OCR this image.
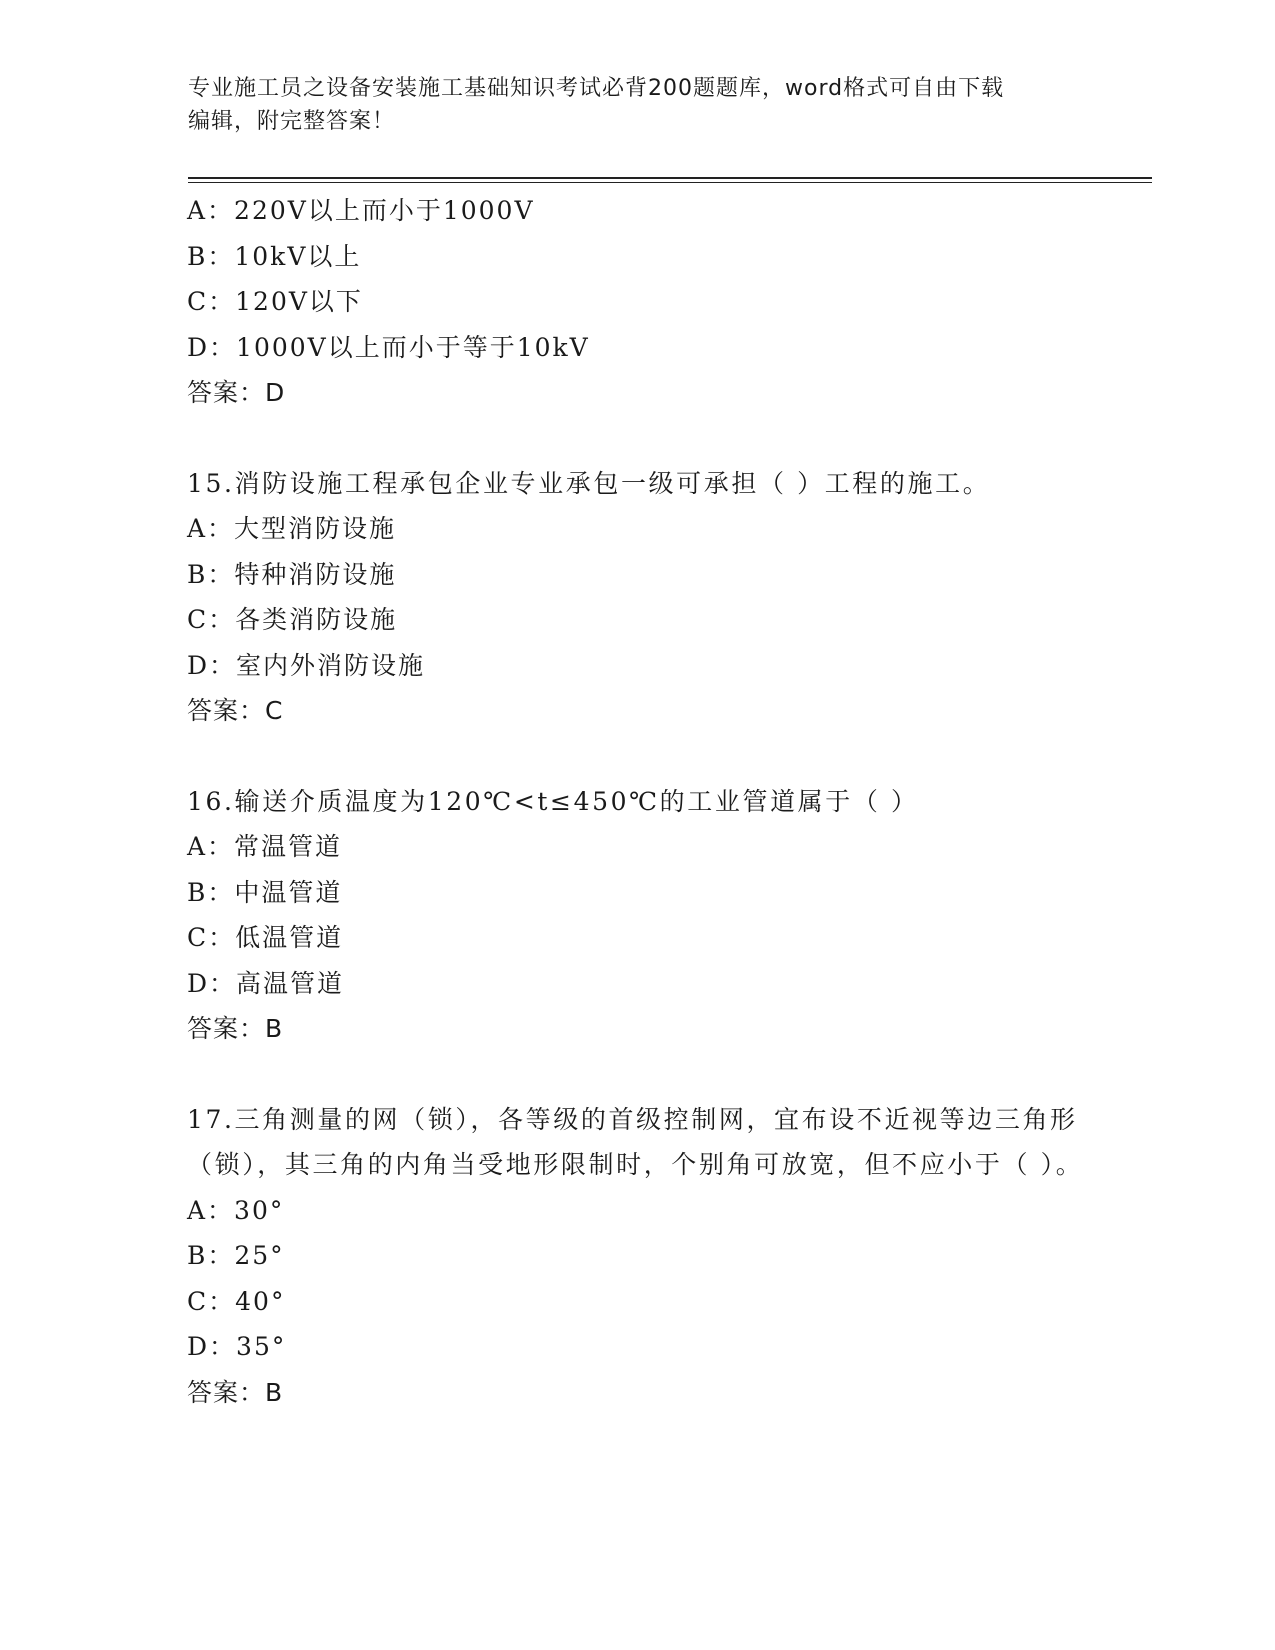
专业施工员之设备安装施工基础知识考试必背200题题库，word格式可自由下载
编辑，附完整答案！
A：220V以上而小于1000V
B：10kV以上
C：120V以下
D：1000V以上而小于等于10kV
答案：D
15.消防设施工程承包企业专业承包一级可承担（ ）工程的施工。
A：大型消防设施
B：特种消防设施
C：各类消防设施
D：室内外消防设施
答案：C
16.输送介质温度为120℃<t≤450℃的工业管道属于（ ）
A：常温管道
B：中温管道
C：低温管道
D：高温管道
答案：B
17.三角测量的网（锁），各等级的首级控制网，宜布设不近视等边三角形（锁），其三角的内角当受地形限制时，个别角可放宽，但不应小于（ ）。
A：30°
B：25°
C：40°
D：35°
答案：B
